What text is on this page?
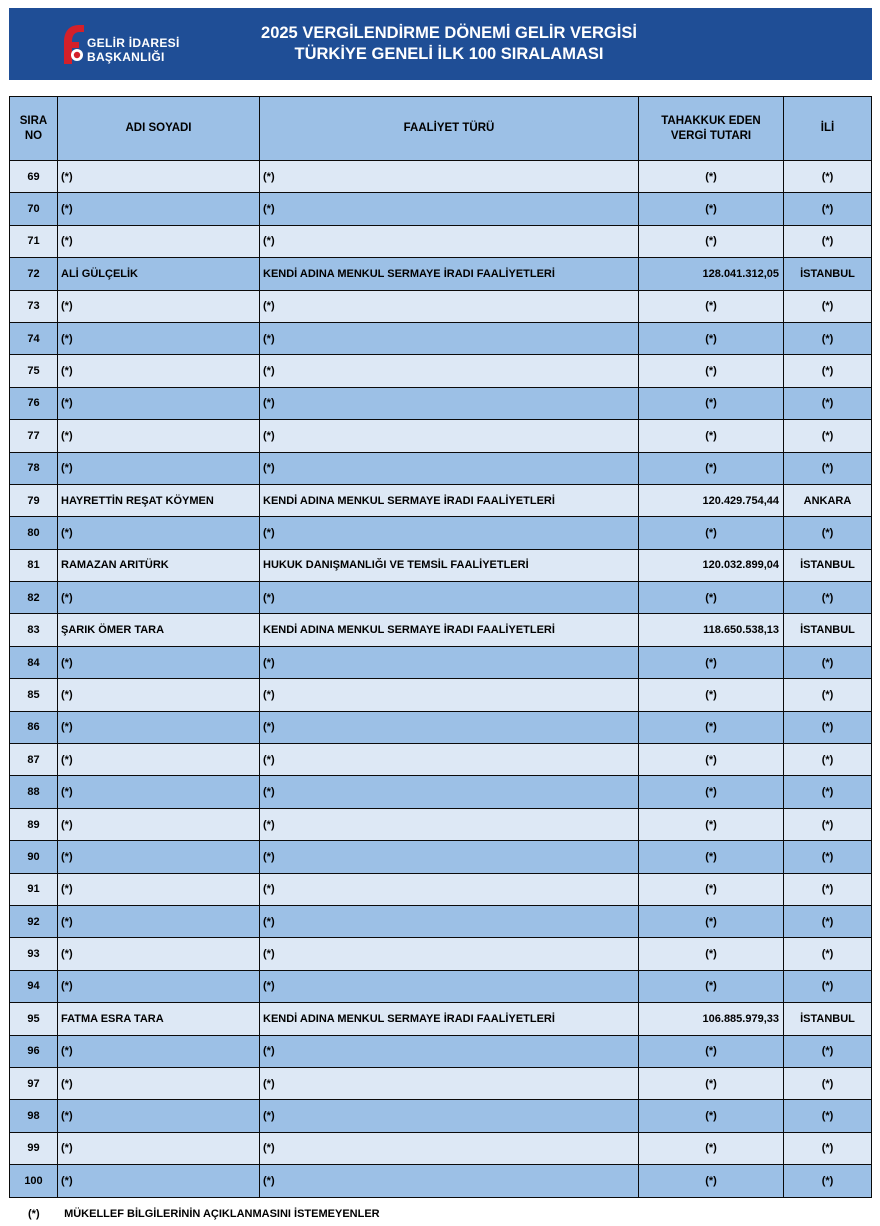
GELİR İDARESİ
BAŞKANLIĞI
2025 VERGİLENDİRME DÖNEMİ GELİR VERGİSİ
TÜRKİYE GENELİ İLK 100 SIRALAMASI
SIRA NO	ADI SOYADI	FAALİYET TÜRÜ	TAHAKKUK EDEN VERGİ TUTARI	İLİ
69	(*)	(*)	(*)	(*)
70	(*)	(*)	(*)	(*)
71	(*)	(*)	(*)	(*)
72	ALİ GÜLÇELİK	KENDİ ADINA MENKUL SERMAYE İRADI FAALİYETLERİ	128.041.312,05	İSTANBUL
73	(*)	(*)	(*)	(*)
74	(*)	(*)	(*)	(*)
75	(*)	(*)	(*)	(*)
76	(*)	(*)	(*)	(*)
77	(*)	(*)	(*)	(*)
78	(*)	(*)	(*)	(*)
79	HAYRETTİN REŞAT KÖYMEN	KENDİ ADINA MENKUL SERMAYE İRADI FAALİYETLERİ	120.429.754,44	ANKARA
80	(*)	(*)	(*)	(*)
81	RAMAZAN ARITÜRK	HUKUK DANIŞMANLIĞI VE TEMSİL FAALİYETLERİ	120.032.899,04	İSTANBUL
82	(*)	(*)	(*)	(*)
83	ŞARIK ÖMER TARA	KENDİ ADINA MENKUL SERMAYE İRADI FAALİYETLERİ	118.650.538,13	İSTANBUL
84	(*)	(*)	(*)	(*)
85	(*)	(*)	(*)	(*)
86	(*)	(*)	(*)	(*)
87	(*)	(*)	(*)	(*)
88	(*)	(*)	(*)	(*)
89	(*)	(*)	(*)	(*)
90	(*)	(*)	(*)	(*)
91	(*)	(*)	(*)	(*)
92	(*)	(*)	(*)	(*)
93	(*)	(*)	(*)	(*)
94	(*)	(*)	(*)	(*)
95	FATMA ESRA TARA	KENDİ ADINA MENKUL SERMAYE İRADI FAALİYETLERİ	106.885.979,33	İSTANBUL
96	(*)	(*)	(*)	(*)
97	(*)	(*)	(*)	(*)
98	(*)	(*)	(*)	(*)
99	(*)	(*)	(*)	(*)
100	(*)	(*)	(*)	(*)
(*) MÜKELLEF BİLGİLERİNİN AÇIKLANMASINI İSTEMEYENLER
